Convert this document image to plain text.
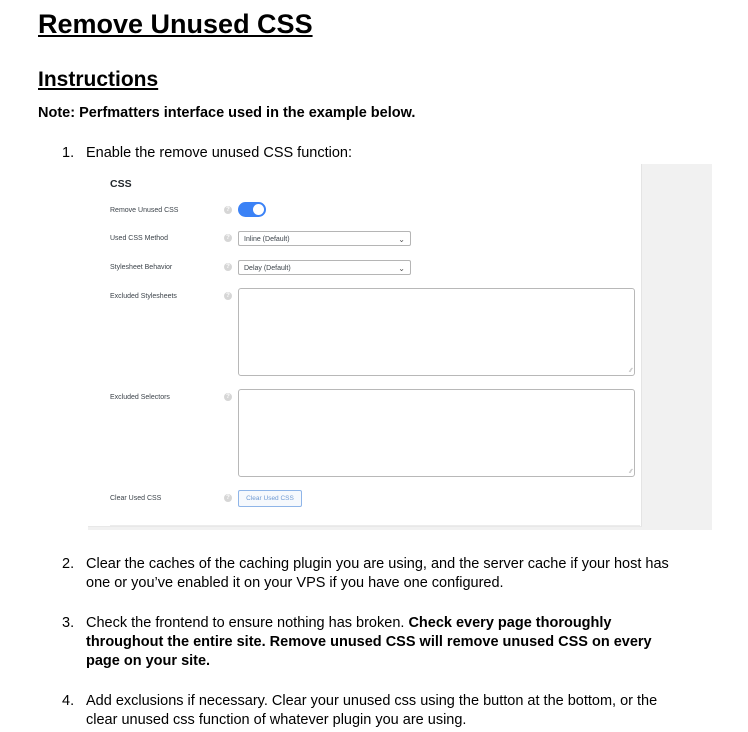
Remove Unused CSS
Instructions
Note: Perfmatters interface used in the example below.
1. Enable the remove unused CSS function:
CSS
Remove Unused CSS	?
Used CSS Method	?	Inline (Default)	⌄
Stylesheet Behavior	?	Delay (Default)	⌄
Excluded Stylesheets	?
∕∕
Excluded Selectors	?
∕∕
Clear Used CSS	?	Clear Used CSS
2. Clear the caches of the caching plugin you are using, and the server cache if your host has one or you’ve enabled it on your VPS if you have one configured.
3. Check the frontend to ensure nothing has broken. Check every page thoroughly throughout the entire site. Remove unused CSS will remove unused CSS on every page on your site.
4. Add exclusions if necessary. Clear your unused css using the button at the bottom, or the clear unused css function of whatever plugin you are using.
